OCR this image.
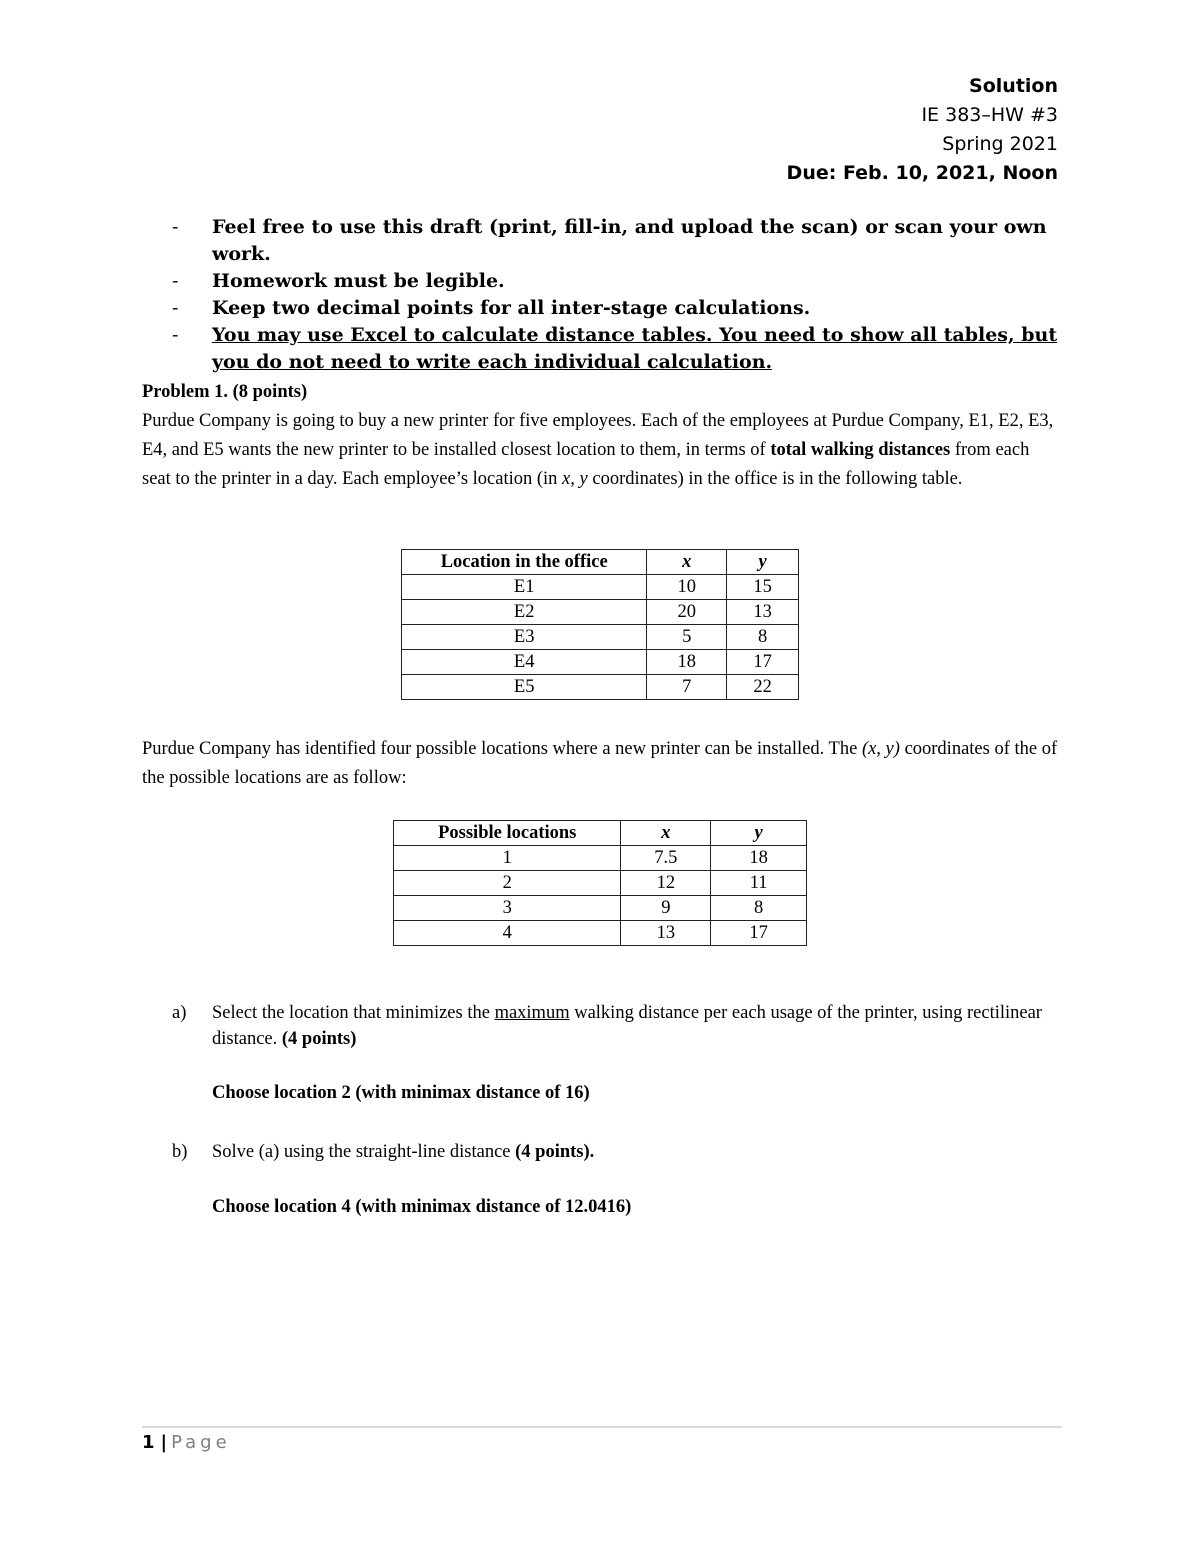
Solution
IE 383–HW #3
Spring 2021
Due: Feb. 10, 2021, Noon
- Feel free to use this draft (print, fill-in, and upload the scan) or scan your own work.
- Homework must be legible.
- Keep two decimal points for all inter-stage calculations.
- You may use Excel to calculate distance tables. You need to show all tables, but you do not need to write each individual calculation.
Problem 1. (8 points)
Purdue Company is going to buy a new printer for five employees. Each of the employees at Purdue Company, E1, E2, E3, E4, and E5 wants the new printer to be installed closest location to them, in terms of total walking distances from each seat to the printer in a day. Each employee’s location (in x, y coordinates) in the office is in the following table.
Location in the office	x	y
E1	10	15
E2	20	13
E3	5	8
E4	18	17
E5	7	22
Purdue Company has identified four possible locations where a new printer can be installed. The (x, y) coordinates of the of the possible locations are as follow:
Possible locations	x	y
1	7.5	18
2	12	11
3	9	8
4	13	17
a)	Select the location that minimizes the maximum walking distance per each usage of the printer, using rectilinear distance. (4 points)
Choose location 2 (with minimax distance of 16)
b)	Solve (a) using the straight-line distance (4 points).
Choose location 4 (with minimax distance of 12.0416)
1 | Page
